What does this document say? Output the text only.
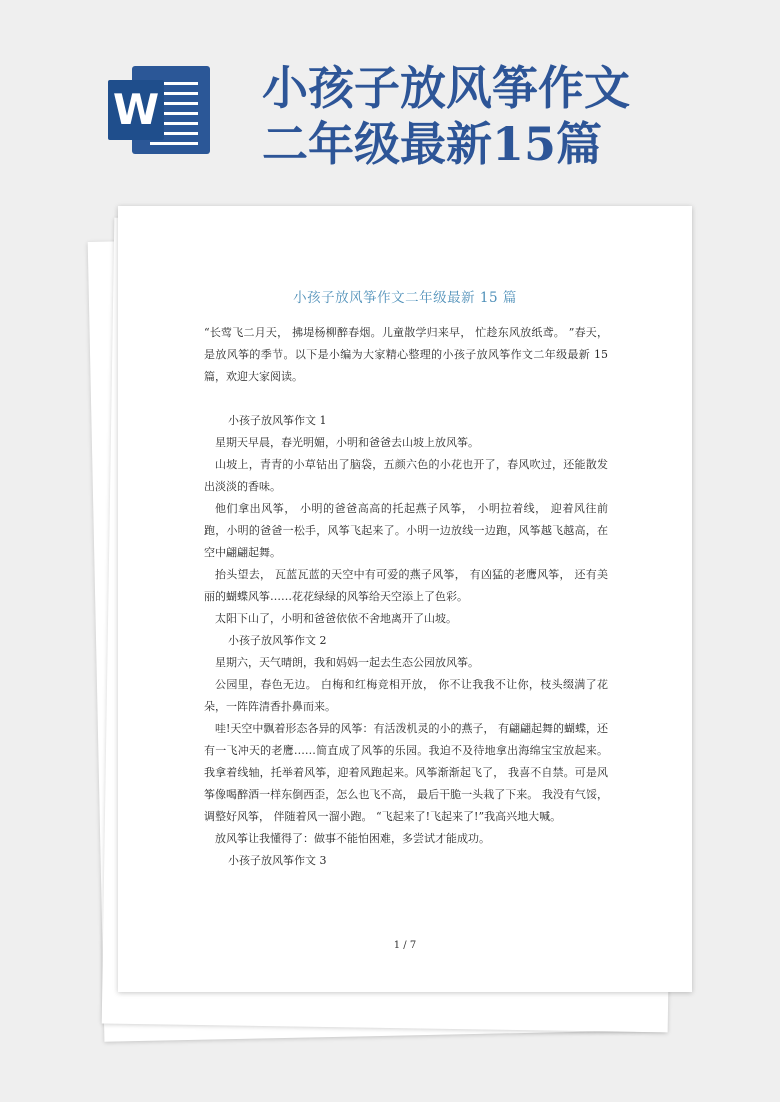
W 小孩子放风筝作文
二年级最新15篇
小孩子放风筝作文二年级最新 15 篇

“长莺飞二月天， 拂堤杨柳醉春烟。儿童散学归来早， 忙趁东风放纸鸢。 ”春天，是放风筝的季节。以下是小编为大家精心整理的小孩子放风筝作文二年级最新 15 篇，欢迎大家阅读。

小孩子放风筝作文 1

星期天早晨，春光明媚，小明和爸爸去山坡上放风筝。

山坡上，青青的小草钻出了脑袋，五颜六色的小花也开了，春风吹过，还能散发出淡淡的香味。

他们拿出风筝， 小明的爸爸高高的托起燕子风筝， 小明拉着线， 迎着风往前跑，小明的爸爸一松手，风筝飞起来了。小明一边放线一边跑，风筝越飞越高，在空中翩翩起舞。

抬头望去， 瓦蓝瓦蓝的天空中有可爱的燕子风筝， 有凶猛的老鹰风筝， 还有美丽的蝴蝶风筝……花花绿绿的风筝给天空添上了色彩。

太阳下山了，小明和爸爸依依不舍地离开了山坡。

小孩子放风筝作文 2

星期六，天气晴朗，我和妈妈一起去生态公园放风筝。

公园里，春色无边。 白梅和红梅竞相开放， 你不让我我不让你，枝头缀满了花朵，一阵阵清香扑鼻而来。

哇!天空中飘着形态各异的风筝：有活泼机灵的小的燕子， 有翩翩起舞的蝴蝶，还有一飞冲天的老鹰……简直成了风筝的乐园。我迫不及待地拿出海绵宝宝放起来。 我拿着线轴，托举着风筝，迎着风跑起来。风筝渐渐起飞了， 我喜不自禁。可是风筝像喝醉酒一样东倒西歪，怎么也飞不高， 最后干脆一头栽了下来。 我没有气馁，调整好风筝， 伴随着风一溜小跑。 “飞起来了!飞起来了!”我高兴地大喊。

放风筝让我懂得了：做事不能怕困难，多尝试才能成功。

小孩子放风筝作文 3

1 / 7
